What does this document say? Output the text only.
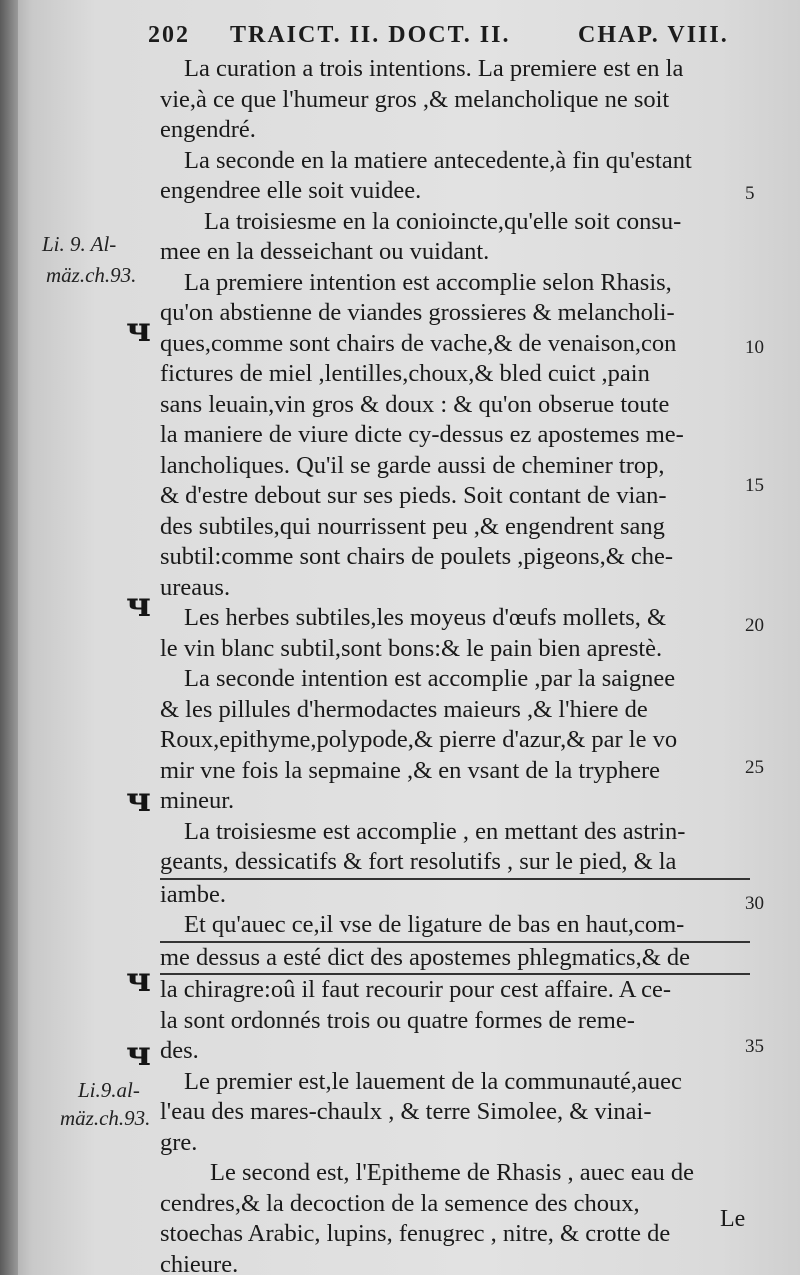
202 TRAICT. II. DOCT. II.	CHAP. VIII.
La curation a trois intentions. La premiere est en la
vie,à ce que l'humeur gros ,& melancholique ne soit
engendré.
La seconde en la matiere antecedente,à fin qu'estant
engendree elle soit vuidee.
La troisiesme en la conioincte,qu'elle soit consu-
mee en la desseichant ou vuidant.
La premiere intention est accomplie selon Rhasis,
qu'on abstienne de viandes grossieres & melancholi-
ques,comme sont chairs de vache,& de venaison,con
fictures de miel ,lentilles,choux,& bled cuict ,pain
sans leuain,vin gros & doux : & qu'on obserue toute
la maniere de viure dicte cy-dessus ez apostemes me-
lancholiques. Qu'il se garde aussi de cheminer trop,
& d'estre debout sur ses pieds. Soit contant de vian-
des subtiles,qui nourrissent peu ,& engendrent sang
subtil:comme sont chairs de poulets ,pigeons,& che-
ureaus.
Les herbes subtiles,les moyeus d'œufs mollets, &
le vin blanc subtil,sont bons:& le pain bien aprestè.
La seconde intention est accomplie ,par la saignee
& les pillules d'hermodactes maieurs ,& l'hiere de
Roux,epithyme,polypode,& pierre d'azur,& par le vo
mir vne fois la sepmaine ,& en vsant de la tryphere
mineur.
La troisiesme est accomplie , en mettant des astrin-
geants, dessicatifs & fort resolutifs , sur le pied, & la
iambe.
Et qu'auec ce,il vse de ligature de bas en haut,com-
me dessus a esté dict des apostemes phlegmatics,& de
la chiragre:oû il faut recourir pour cest affaire. A ce-
la sont ordonnés trois ou quatre formes de reme-
des.
Le premier est,le lauement de la communauté,auec
l'eau des mares-chaulx , & terre Simolee, & vinai-
gre.
Le second est, l'Epitheme de Rhasis , auec eau de
cendres,& la decoction de la semence des choux,
stoechas Arabic, lupins, fenugrec , nitre, & crotte de
chieure.
Li. 9. Al-
mäz.ch.93.
Li.9.al-
mäz.ch.93.
5
10
15
20
25
30
35
ч
ч
ч
ч
ч
Le
